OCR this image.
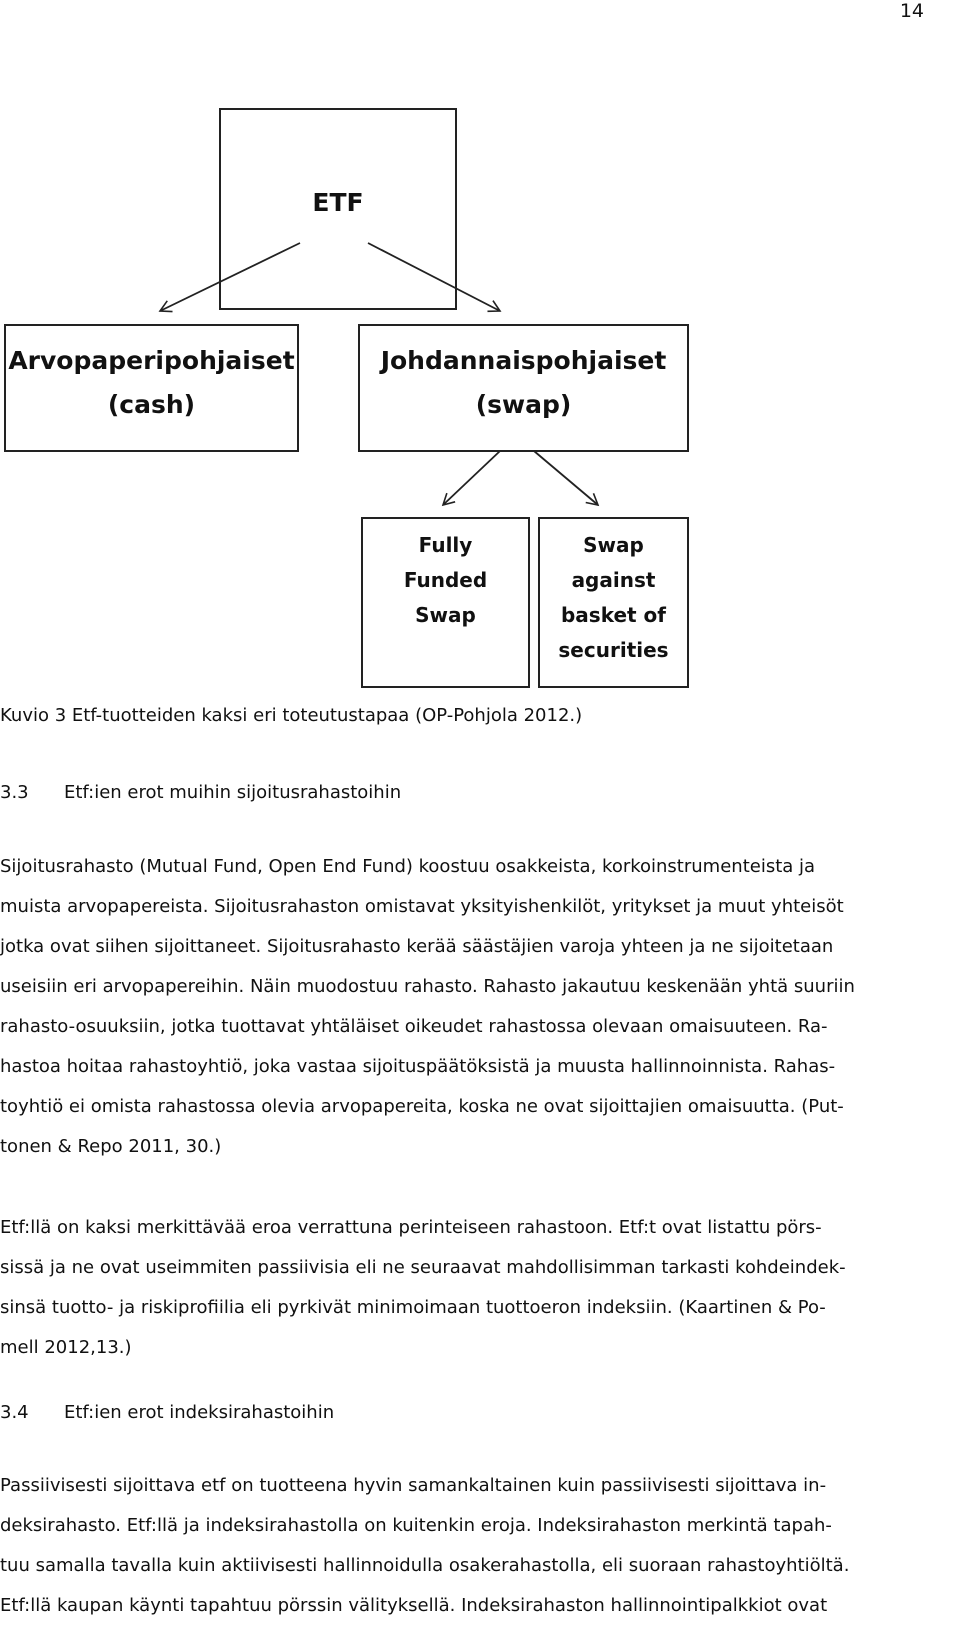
14
ETF
Arvopaperipohjaiset
(cash)
Johdannaispohjaiset
(swap)
Fully
Funded
Swap
Swap
against
basket of
securities
Kuvio 3 Etf-tuotteiden kaksi eri toteutustapaa (OP-Pohjola 2012.)
3.3 Etf:ien erot muihin sijoitusrahastoihin
Sijoitusrahasto (Mutual Fund, Open End Fund) koostuu osakkeista, korkoinstrumenteista ja
muista arvopapereista. Sijoitusrahaston omistavat yksityishenkilöt, yritykset ja muut yhteisöt
jotka ovat siihen sijoittaneet. Sijoitusrahasto kerää säästäjien varoja yhteen ja ne sijoitetaan
useisiin eri arvopapereihin. Näin muodostuu rahasto. Rahasto jakautuu keskenään yhtä suuriin
rahasto-osuuksiin, jotka tuottavat yhtäläiset oikeudet rahastossa olevaan omaisuuteen. Ra-
hastoa hoitaa rahastoyhtiö, joka vastaa sijoituspäätöksistä ja muusta hallinnoinnista. Rahas-
toyhtiö ei omista rahastossa olevia arvopapereita, koska ne ovat sijoittajien omaisuutta. (Put-
tonen & Repo 2011, 30.)
Etf:llä on kaksi merkittävää eroa verrattuna perinteiseen rahastoon. Etf:t ovat listattu pörs-
sissä ja ne ovat useimmiten passiivisia eli ne seuraavat mahdollisimman tarkasti kohdeindek-
sinsä tuotto- ja riskiprofiilia eli pyrkivät minimoimaan tuottoeron indeksiin. (Kaartinen & Po-
mell 2012,13.)
3.4 Etf:ien erot indeksirahastoihin
Passiivisesti sijoittava etf on tuotteena hyvin samankaltainen kuin passiivisesti sijoittava in-
deksirahasto. Etf:llä ja indeksirahastolla on kuitenkin eroja. Indeksirahaston merkintä tapah-
tuu samalla tavalla kuin aktiivisesti hallinnoidulla osakerahastolla, eli suoraan rahastoyhtiöltä.
Etf:llä kaupan käynti tapahtuu pörssin välityksellä. Indeksirahaston hallinnointipalkkiot ovat
